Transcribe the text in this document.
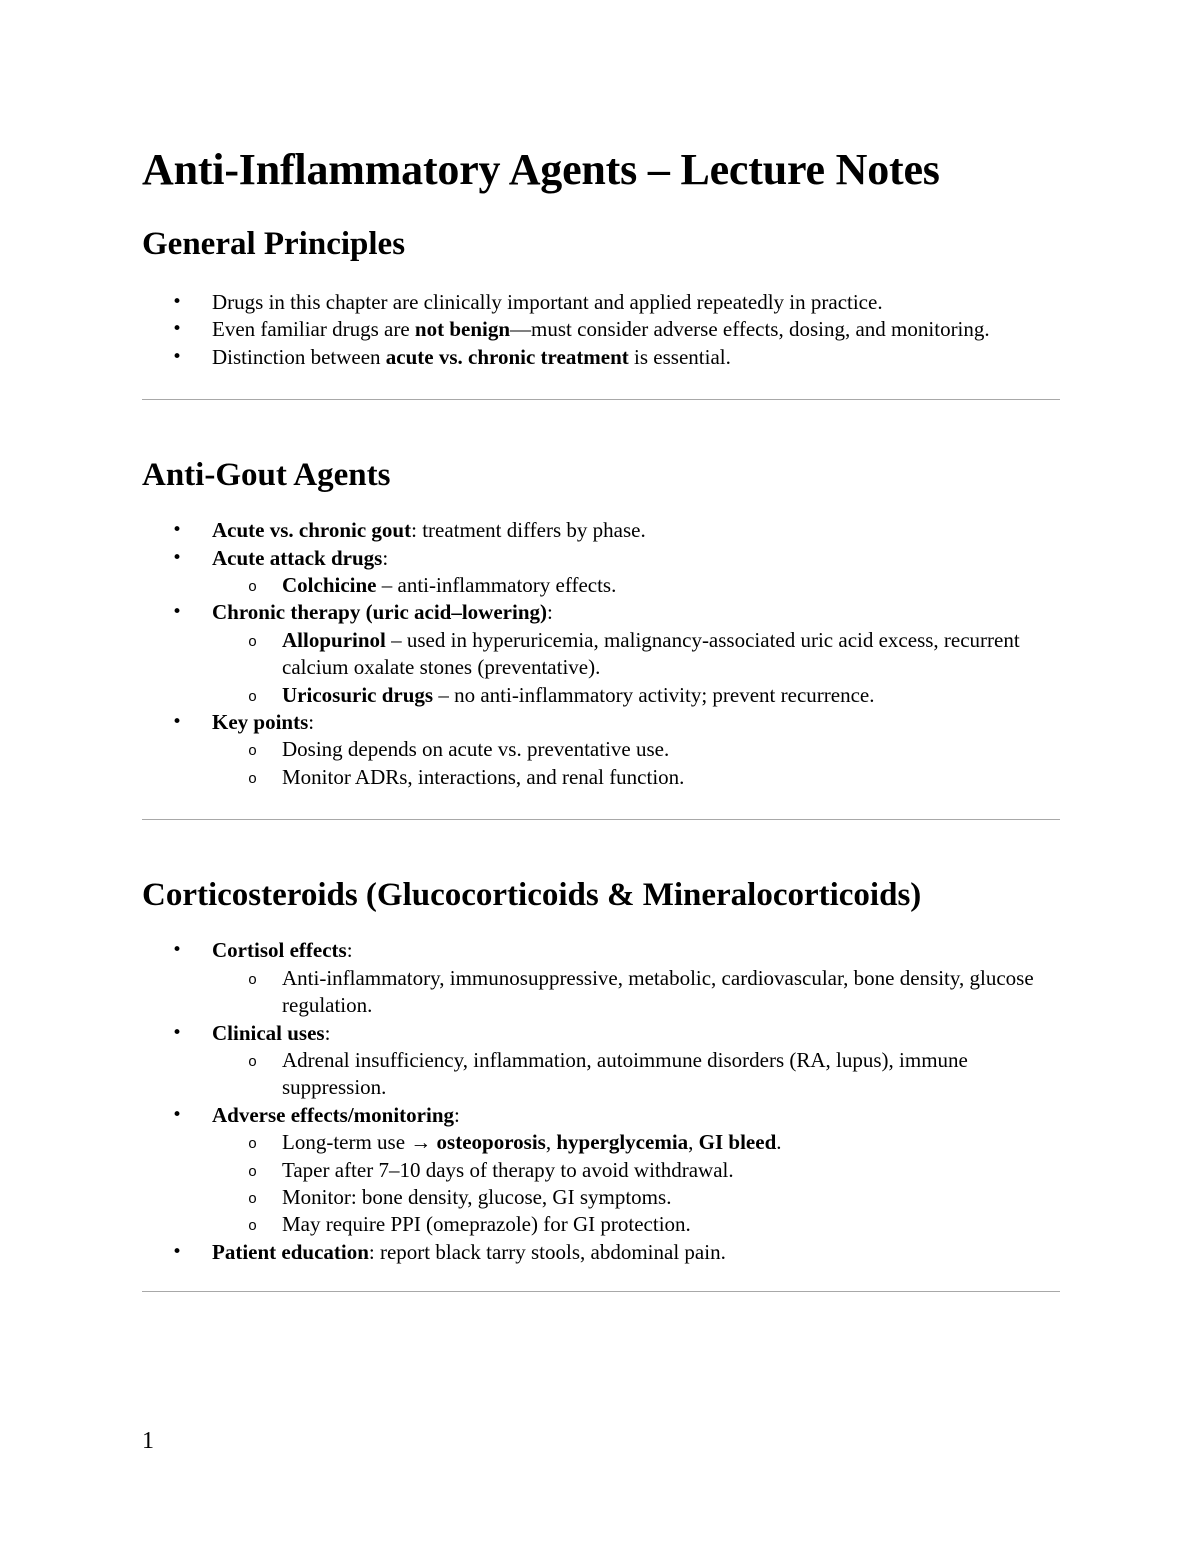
Anti-Inflammatory Agents – Lecture Notes
General Principles
• Drugs in this chapter are clinically important and applied repeatedly in practice.
• Even familiar drugs are not benign—must consider adverse effects, dosing, and monitoring.
• Distinction between acute vs. chronic treatment is essential.
Anti-Gout Agents
• Acute vs. chronic gout: treatment differs by phase.
• Acute attack drugs:
o Colchicine – anti-inflammatory effects.
• Chronic therapy (uric acid–lowering):
o Allopurinol – used in hyperuricemia, malignancy-associated uric acid excess, recurrent calcium oxalate stones (preventative).
o Uricosuric drugs – no anti-inflammatory activity; prevent recurrence.
• Key points:
o Dosing depends on acute vs. preventative use.
o Monitor ADRs, interactions, and renal function.
Corticosteroids (Glucocorticoids & Mineralocorticoids)
• Cortisol effects:
o Anti-inflammatory, immunosuppressive, metabolic, cardiovascular, bone density, glucose regulation.
• Clinical uses:
o Adrenal insufficiency, inflammation, autoimmune disorders (RA, lupus), immune suppression.
• Adverse effects/monitoring:
o Long-term use → osteoporosis, hyperglycemia, GI bleed.
o Taper after 7–10 days of therapy to avoid withdrawal.
o Monitor: bone density, glucose, GI symptoms.
o May require PPI (omeprazole) for GI protection.
• Patient education: report black tarry stools, abdominal pain.
1
